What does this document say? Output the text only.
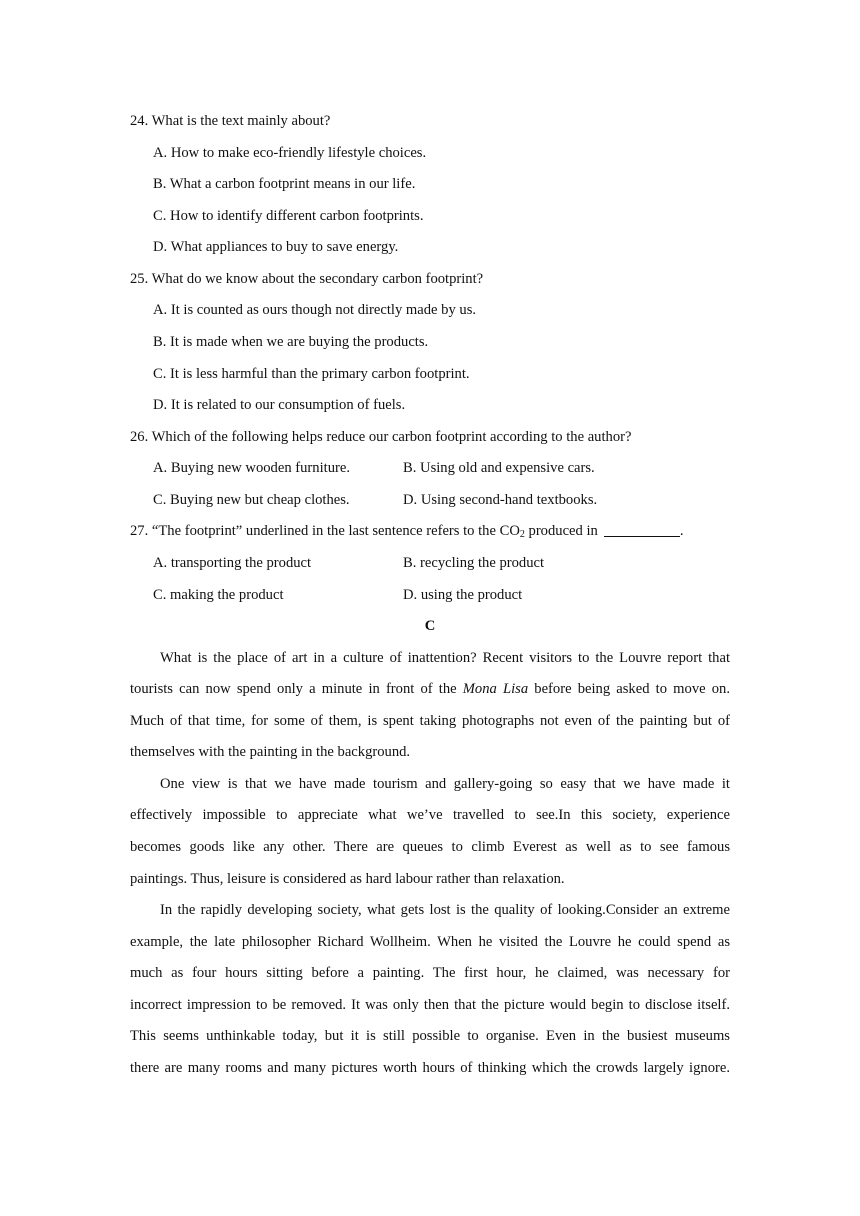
24. What is the text mainly about?
A. How to make eco-friendly lifestyle choices.
B. What a carbon footprint means in our life.
C. How to identify different carbon footprints.
D. What appliances to buy to save energy.
25. What do we know about the secondary carbon footprint?
A. It is counted as ours though not directly made by us.
B. It is made when we are buying the products.
C. It is less harmful than the primary carbon footprint.
D. It is related to our consumption of fuels.
26. Which of the following helps reduce our carbon footprint according to the author?
A. Buying new wooden furniture.	B. Using old and expensive cars.
C. Buying new but cheap clothes.	D. Using second-hand textbooks.
27. “The footprint” underlined in the last sentence refers to the $CO_2$ produced in	.
A. transporting the product	B. recycling the product
C. making the product	D. using the product
C
What is the place of art in a culture of inattention? Recent visitors to the Louvre report that
tourists can now spend only a minute in front of the Mona Lisa before being asked to move on.
Much of that time, for some of them, is spent taking photographs not even of the painting but of
themselves with the painting in the background.
One view is that we have made tourism and gallery-going so easy that we have made it
effectively impossible to appreciate what we’ve travelled to see.In this society, experience
becomes goods like any other. There are queues to climb Everest as well as to see famous
paintings. Thus, leisure is considered as hard labour rather than relaxation.
In the rapidly developing society, what gets lost is the quality of looking.Consider an extreme
example, the late philosopher Richard Wollheim. When he visited the Louvre he could spend as
much as four hours sitting before a painting. The first hour, he claimed, was necessary for
incorrect impression to be removed. It was only then that the picture would begin to disclose itself.
This seems unthinkable today, but it is still possible to organise. Even in the busiest museums
there are many rooms and many pictures worth hours of thinking which the crowds largely ignore.
